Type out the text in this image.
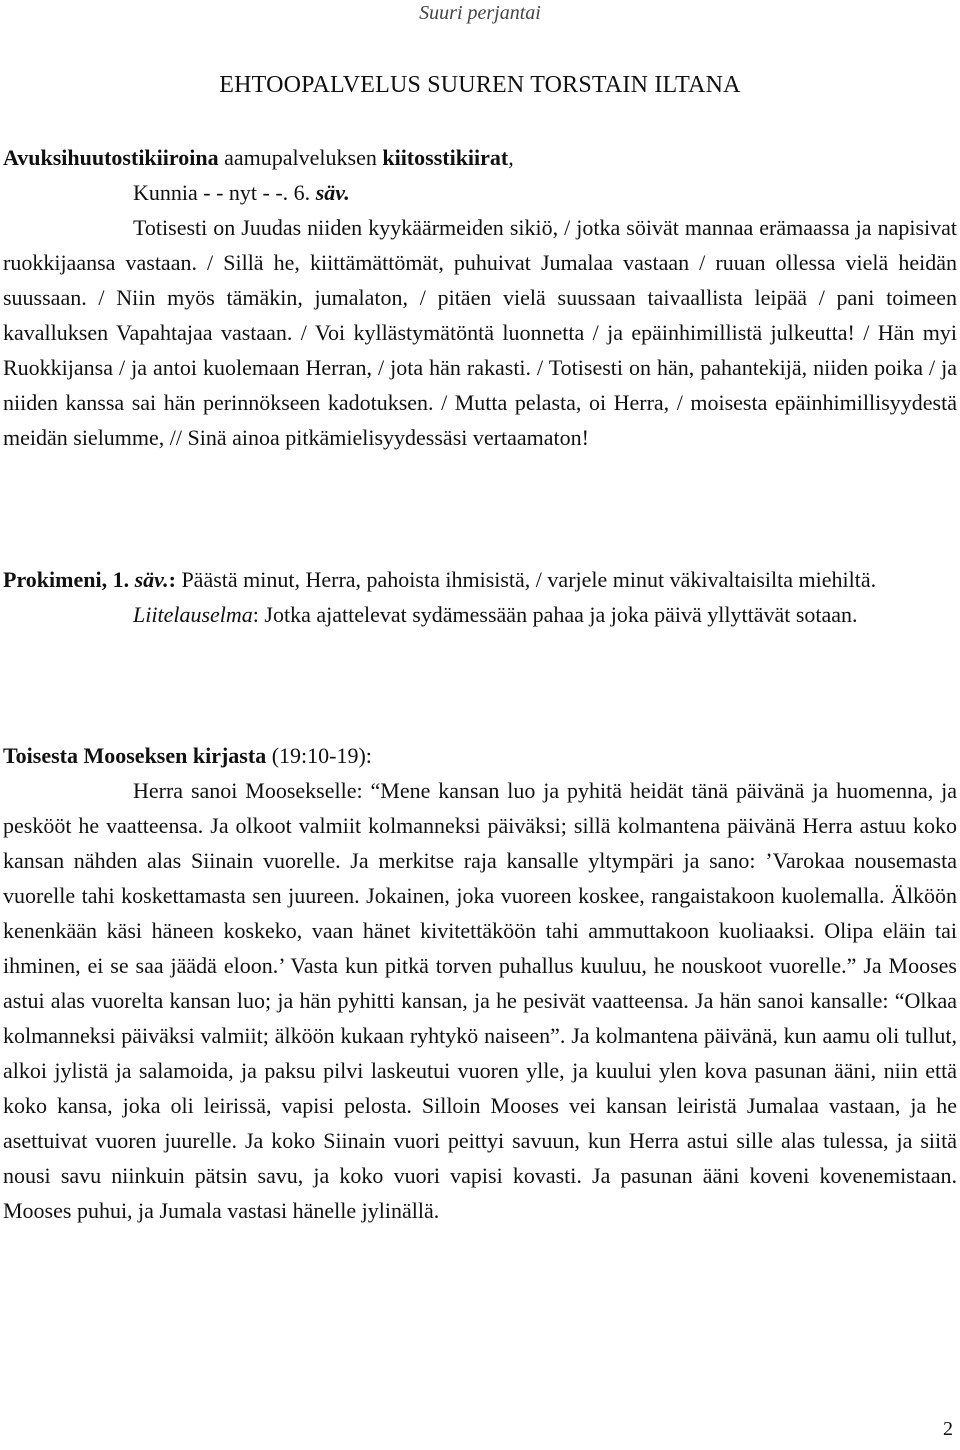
Suuri perjantai
EHTOOPALVELUS SUUREN TORSTAIN ILTANA

Avuksihuutostikiiroina aamupalveluksen kiitosstikiirat,

Kunnia - - nyt - -. 6. säv.

Totisesti on Juudas niiden kyykäärmeiden sikiö, / jotka söivät mannaa erämaassa ja napisivat ruokkijaansa vastaan. / Sillä he, kiittämättömät, puhuivat Jumalaa vastaan / ruuan ollessa vielä heidän suussaan. / Niin myös tämäkin, jumalaton, / pitäen vielä suussaan taivaallista leipää / pani toimeen kavalluksen Vapahtajaa vastaan. / Voi kyllästymätöntä luonnetta / ja epäinhimillistä julkeutta! / Hän myi Ruokkijansa / ja antoi kuolemaan Herran, / jota hän rakasti. / Totisesti on hän, pahantekijä, niiden poika / ja niiden kanssa sai hän perinnökseen kadotuksen. / Mutta pelasta, oi Herra, / moisesta epäinhimillisyydestä meidän sielumme, // Sinä ainoa pitkämielisyydessäsi vertaamaton!

Prokimeni, 1. säv.: Päästä minut, Herra, pahoista ihmisistä, / varjele minut väkivaltaisilta miehiltä.

Liitelauselma: Jotka ajattelevat sydämessään pahaa ja joka päivä yllyttävät sotaan.

Toisesta Mooseksen kirjasta (19:10-19):

Herra sanoi Moosekselle: “Mene kansan luo ja pyhitä heidät tänä päivänä ja huomenna, ja peskööt he vaatteensa. Ja olkoot valmiit kolmanneksi päiväksi; sillä kolmantena päivänä Herra astuu koko kansan nähden alas Siinain vuorelle. Ja merkitse raja kansalle yltympäri ja sano: ’Varokaa nousemasta vuorelle tahi koskettamasta sen juureen. Jokainen, joka vuoreen koskee, rangaistakoon kuolemalla. Älköön kenenkään käsi häneen koskeko, vaan hänet kivitettäköön tahi ammuttakoon kuoliaaksi. Olipa eläin tai ihminen, ei se saa jäädä eloon.’ Vasta kun pitkä torven puhallus kuuluu, he nouskoot vuorelle.” Ja Mooses astui alas vuorelta kansan luo; ja hän pyhitti kansan, ja he pesivät vaatteensa. Ja hän sanoi kansalle: “Olkaa kolmanneksi päiväksi valmiit; älköön kukaan ryhtykö naiseen”. Ja kolmantena päivänä, kun aamu oli tullut, alkoi jylistä ja salamoida, ja paksu pilvi laskeutui vuoren ylle, ja kuului ylen kova pasunan ääni, niin että koko kansa, joka oli leirissä, vapisi pelosta. Silloin Mooses vei kansan leiristä Jumalaa vastaan, ja he asettuivat vuoren juurelle. Ja koko Siinain vuori peittyi savuun, kun Herra astui sille alas tulessa, ja siitä nousi savu niinkuin pätsin savu, ja koko vuori vapisi kovasti. Ja pasunan ääni koveni kovenemistaan. Mooses puhui, ja Jumala vastasi hänelle jylinällä.

2
